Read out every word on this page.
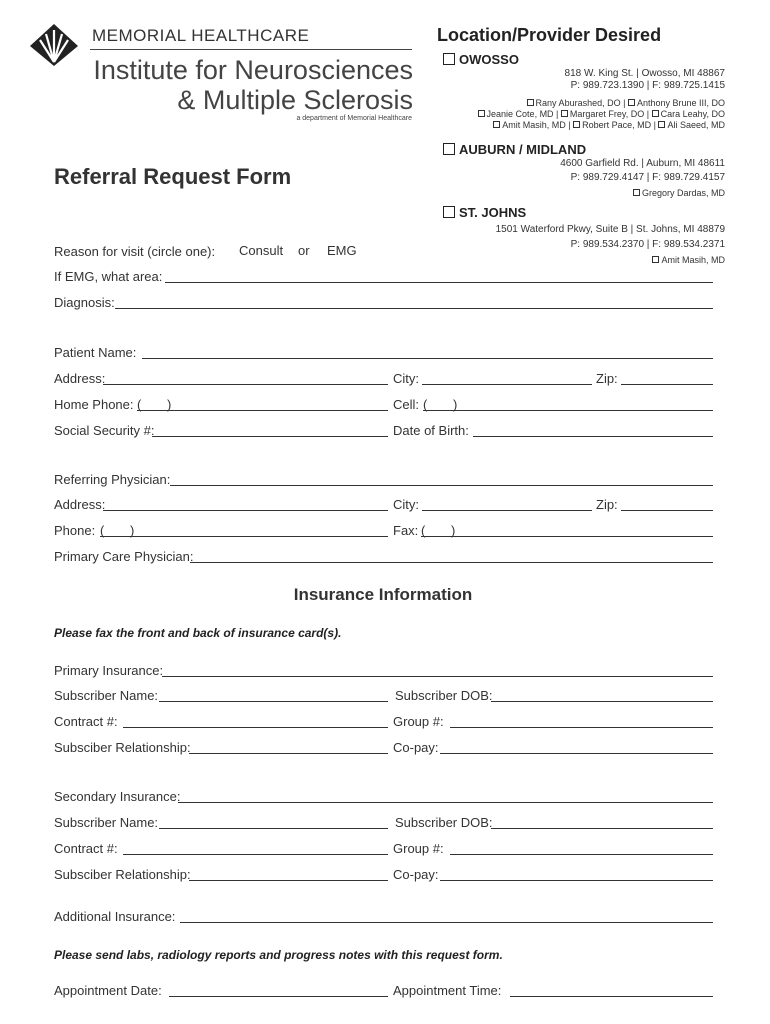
MEMORIAL HEALTHCARE
Institute for Neurosciences
& Multiple Sclerosis
a department of Memorial Healthcare
Location/Provider Desired
OWOSSO
818 W. King St. | Owosso, MI 48867
P: 989.723.1390 | F: 989.725.1415
Rany Aburashed, DO | Anthony Brune III, DO
Jeanie Cote, MD | Margaret Frey, DO | Cara Leahy, DO
Amit Masih, MD | Robert Pace, MD | Ali Saeed, MD
AUBURN / MIDLAND
4600 Garfield Rd. | Auburn, MI 48611
P: 989.729.4147 | F: 989.729.4157
Gregory Dardas, MD
ST. JOHNS
1501 Waterford Pkwy, Suite B | St. Johns, MI 48879
P: 989.534.2370 | F: 989.534.2371
Amit Masih, MD
Referral Request Form
Reason for visit (circle one): Consult or EMG
If EMG, what area:
Diagnosis:
Patient Name:
Address:	City:	Zip:
Home Phone: ( )	Cell: ( )
Social Security #:	Date of Birth:
Referring Physician:
Address:	City:	Zip:
Phone: ( )	Fax: ( )
Primary Care Physician:
Insurance Information
Please fax the front and back of insurance card(s).
Primary Insurance:
Subscriber Name:	Subscriber DOB:
Contract #:	Group #:
Subsciber Relationship:	Co-pay:
Secondary Insurance:
Subscriber Name:	Subscriber DOB:
Contract #:	Group #:
Subsciber Relationship:	Co-pay:
Additional Insurance:
Please send labs, radiology reports and progress notes with this request form.
Appointment Date:	Appointment Time:
